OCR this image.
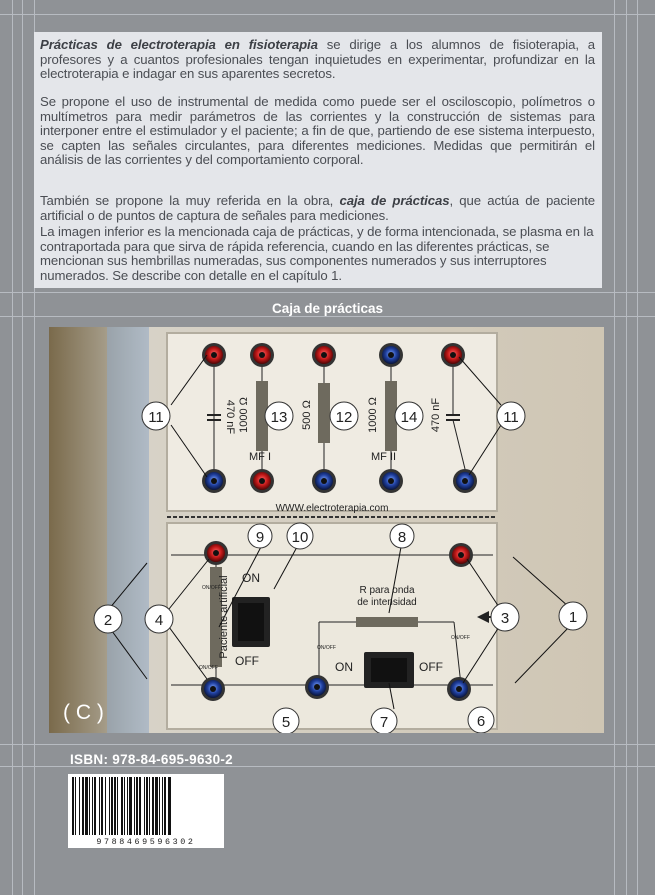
Prácticas de electroterapia en fisioterapia se dirige a los alumnos de fisioterapia, a profesores y a cuantos profesionales tengan inquietudes en experimentar, profundizar en la electroterapia e indagar en sus aparentes secretos.

Se propone el uso de instrumental de medida como puede ser el osciloscopio, polímetros o multímetros para medir parámetros de las corrientes y la construcción de sistemas para interponer entre el estimulador y el paciente; a fin de que, partiendo de ese sistema interpuesto, se capten las señales circulantes, para diferentes mediciones. Medidas que permitirán el análisis de las corrientes y del comportamiento corporal.

También se propone la muy referida en la obra, caja de prácticas, que actúa de paciente artificial o de puntos de captura de señales para mediciones.

La imagen inferior es la mencionada caja de prácticas, y de forma intencionada, se plasma en la contraportada para que sirva de rápida referencia, cuando en las diferentes prácticas, se mencionan sus hembrillas numeradas, sus componentes numerados y sus interruptores numerados. Se describe con detalle en el capítulo 1.

Caja de prácticas
470 nF 1000 Ω	500 Ω	1000 Ω	470 nF
MF I	MF II
WWW.electroterapia.com
Paciente artificial	R para onda
de intensidad
ON/OFF
ON/OFF
ON/OFF
ON/OFF
ON
OFF	ON	OFF
11	13	12	14	11
9 10	8
2	4	3	1
5	7	6
( C )
ISBN: 978-84-695-9630-2
9788469596302
